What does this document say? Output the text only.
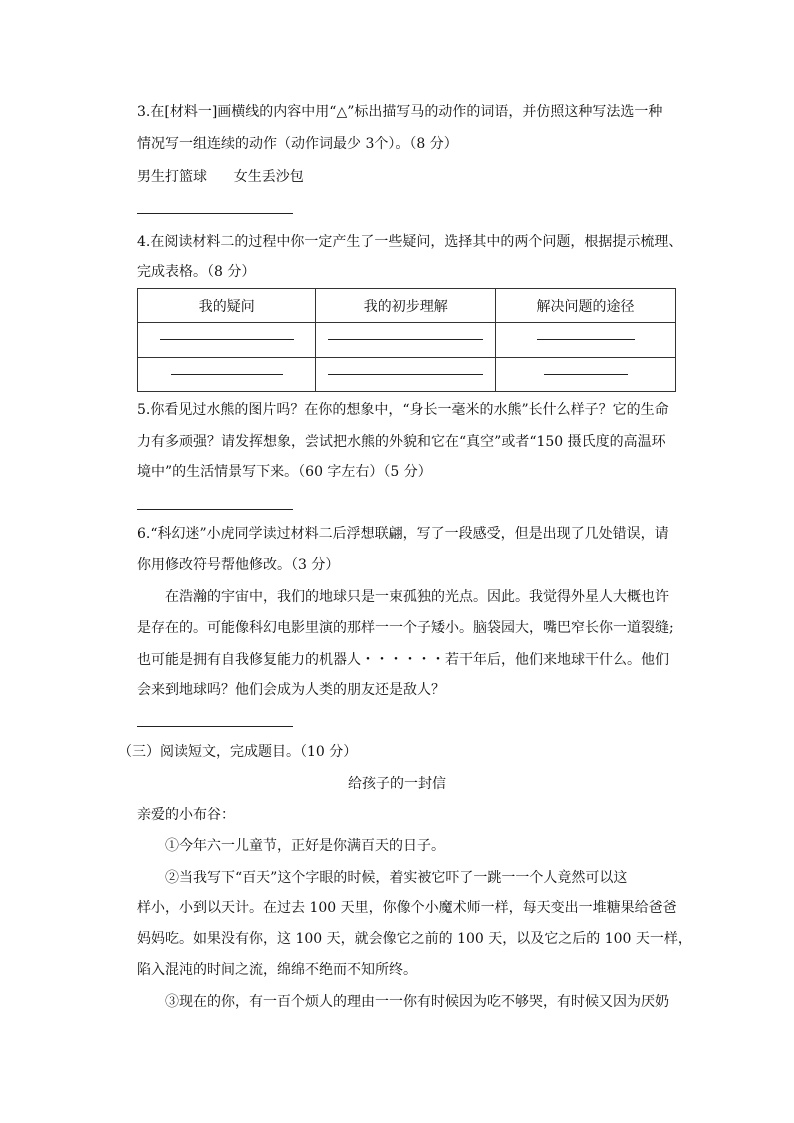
3.在[材料一]画横线的内容中用“△”标出描写马的动作的词语，并仿照这种写法选一种
情况写一组连续的动作（动作词最少 3个）。（8 分）
男生打篮球      女生丢沙包
4.在阅读材料二的过程中你一定产生了一些疑问，选择其中的两个问题，根据提示梳理、
完成表格。（8 分）
我的疑问	我的初步理解	解决问题的途径

5.你看见过水熊的图片吗？在你的想象中，“身长一毫米的水熊”长什么样子？它的生命
力有多顽强？请发挥想象，尝试把水熊的外貌和它在“真空”或者“150 摄氏度的高温环
境中”的生活情景写下来。（60 字左右）（5 分）
6.“科幻迷”小虎同学读过材料二后浮想联翩，写了一段感受，但是出现了几处错误，请
你用修改符号帮他修改。（3 分）
在浩瀚的宇宙中，我们的地球只是一束孤独的光点。因此。我觉得外星人大概也许
是存在的。可能像科幻电影里演的那样一一个子矮小。脑袋园大，嘴巴窄长你一道裂缝;
也可能是拥有自我修复能力的机器人・・・・・・若干年后，他们来地球干什么。他们
会来到地球吗？他们会成为人类的朋友还是敌人？
（三）阅读短文，完成题目。（10 分）
给孩子的一封信
亲爱的小布谷：
①今年六一儿童节，正好是你满百天的日子。
②当我写下“百天”这个字眼的时候，着实被它吓了一跳一一个人竟然可以这
样小，小到以天计。在过去 100 天里，你像个小魔术师一样，每天变出一堆糖果给爸爸
妈妈吃。如果没有你，这 100 天，就会像它之前的 100 天，以及它之后的 100 天一样，
陷入混沌的时间之流，绵绵不绝而不知所终。
③现在的你，有一百个烦人的理由一一你有时候因为吃不够哭，有时候又因为厌奶
